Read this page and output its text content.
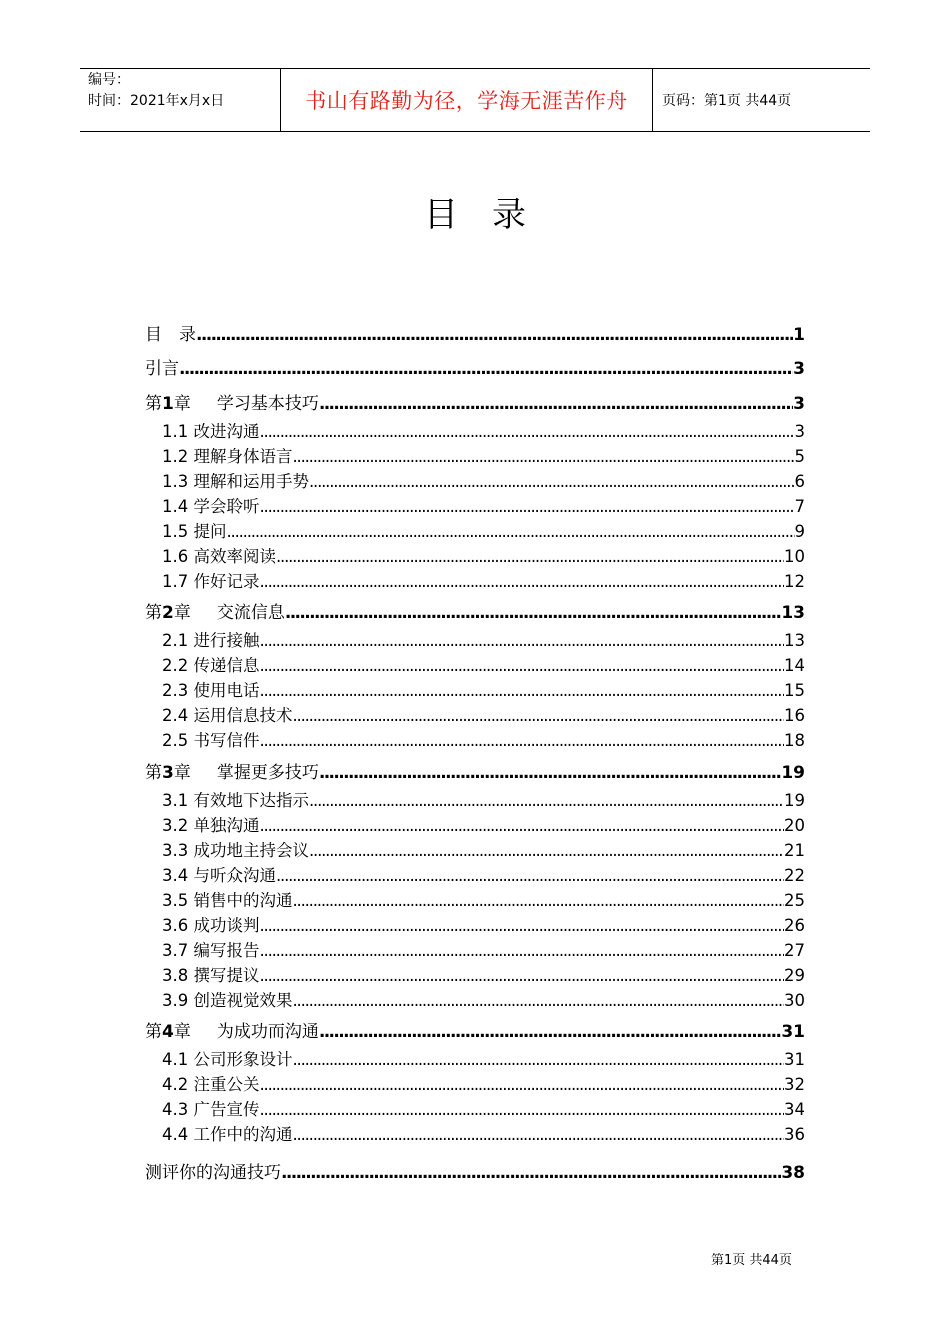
编号：
时间：2021年x月x日	书山有路勤为径，学海无涯苦作舟	页码：第1页 共44页
目录
目　录 .....	1
引言 .....	3
第1章 学习基本技巧 .....	3
1.1 改进沟通 .....	3
1.2 理解身体语言 .....	5
1.3 理解和运用手势 .....	6
1.4 学会聆听 .....	7
1.5 提问 .....	9
1.6 高效率阅读 .....	10
1.7 作好记录 .....	12
第2章 交流信息 .....	13
2.1 进行接触 .....	13
2.2 传递信息 .....	14
2.3 使用电话 .....	15
2.4 运用信息技术 .....	16
2.5 书写信件 .....	18
第3章 掌握更多技巧 .....	19
3.1 有效地下达指示 .....	19
3.2 单独沟通 .....	20
3.3 成功地主持会议 .....	21
3.4 与听众沟通 .....	22
3.5 销售中的沟通 .....	25
3.6 成功谈判 .....	26
3.7 编写报告 .....	27
3.8 撰写提议 .....	29
3.9 创造视觉效果 .....	30
第4章 为成功而沟通 .....	31
4.1 公司形象设计 .....	31
4.2 注重公关 .....	32
4.3 广告宣传 .....	34
4.4 工作中的沟通 .....	36
测评你的沟通技巧 .....	38
第1页 共44页
